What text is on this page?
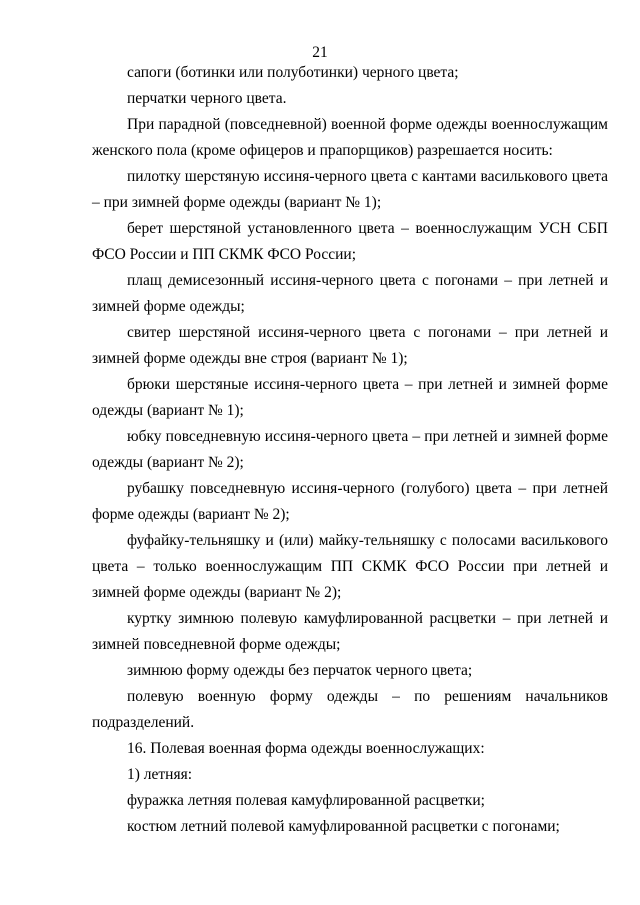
21

сапоги (ботинки или полуботинки) черного цвета;

перчатки черного цвета.

При парадной (повседневной) военной форме одежды военнослужащим женского пола (кроме офицеров и прапорщиков) разрешается носить:

пилотку шерстяную иссиня-черного цвета с кантами василькового цвета – при зимней форме одежды (вариант № 1);

берет шерстяной установленного цвета – военнослужащим УСН СБП ФСО России и ПП СКМК ФСО России;

плащ демисезонный иссиня-черного цвета с погонами – при летней и зимней форме одежды;

свитер шерстяной иссиня-черного цвета с погонами – при летней и зимней форме одежды вне строя (вариант № 1);

брюки шерстяные иссиня-черного цвета – при летней и зимней форме одежды (вариант № 1);

юбку повседневную иссиня-черного цвета – при летней и зимней форме одежды (вариант № 2);

рубашку повседневную иссиня-черного (голубого) цвета – при летней форме одежды (вариант № 2);

фуфайку-тельняшку и (или) майку-тельняшку с полосами василькового цвета – только военнослужащим ПП СКМК ФСО России при летней и зимней форме одежды (вариант № 2);

куртку зимнюю полевую камуфлированной расцветки – при летней и зимней повседневной форме одежды;

зимнюю форму одежды без перчаток черного цвета;

полевую военную форму одежды – по решениям начальников подразделений.

16. Полевая военная форма одежды военнослужащих:

1) летняя:

фуражка летняя полевая камуфлированной расцветки;

костюм летний полевой камуфлированной расцветки с погонами;
